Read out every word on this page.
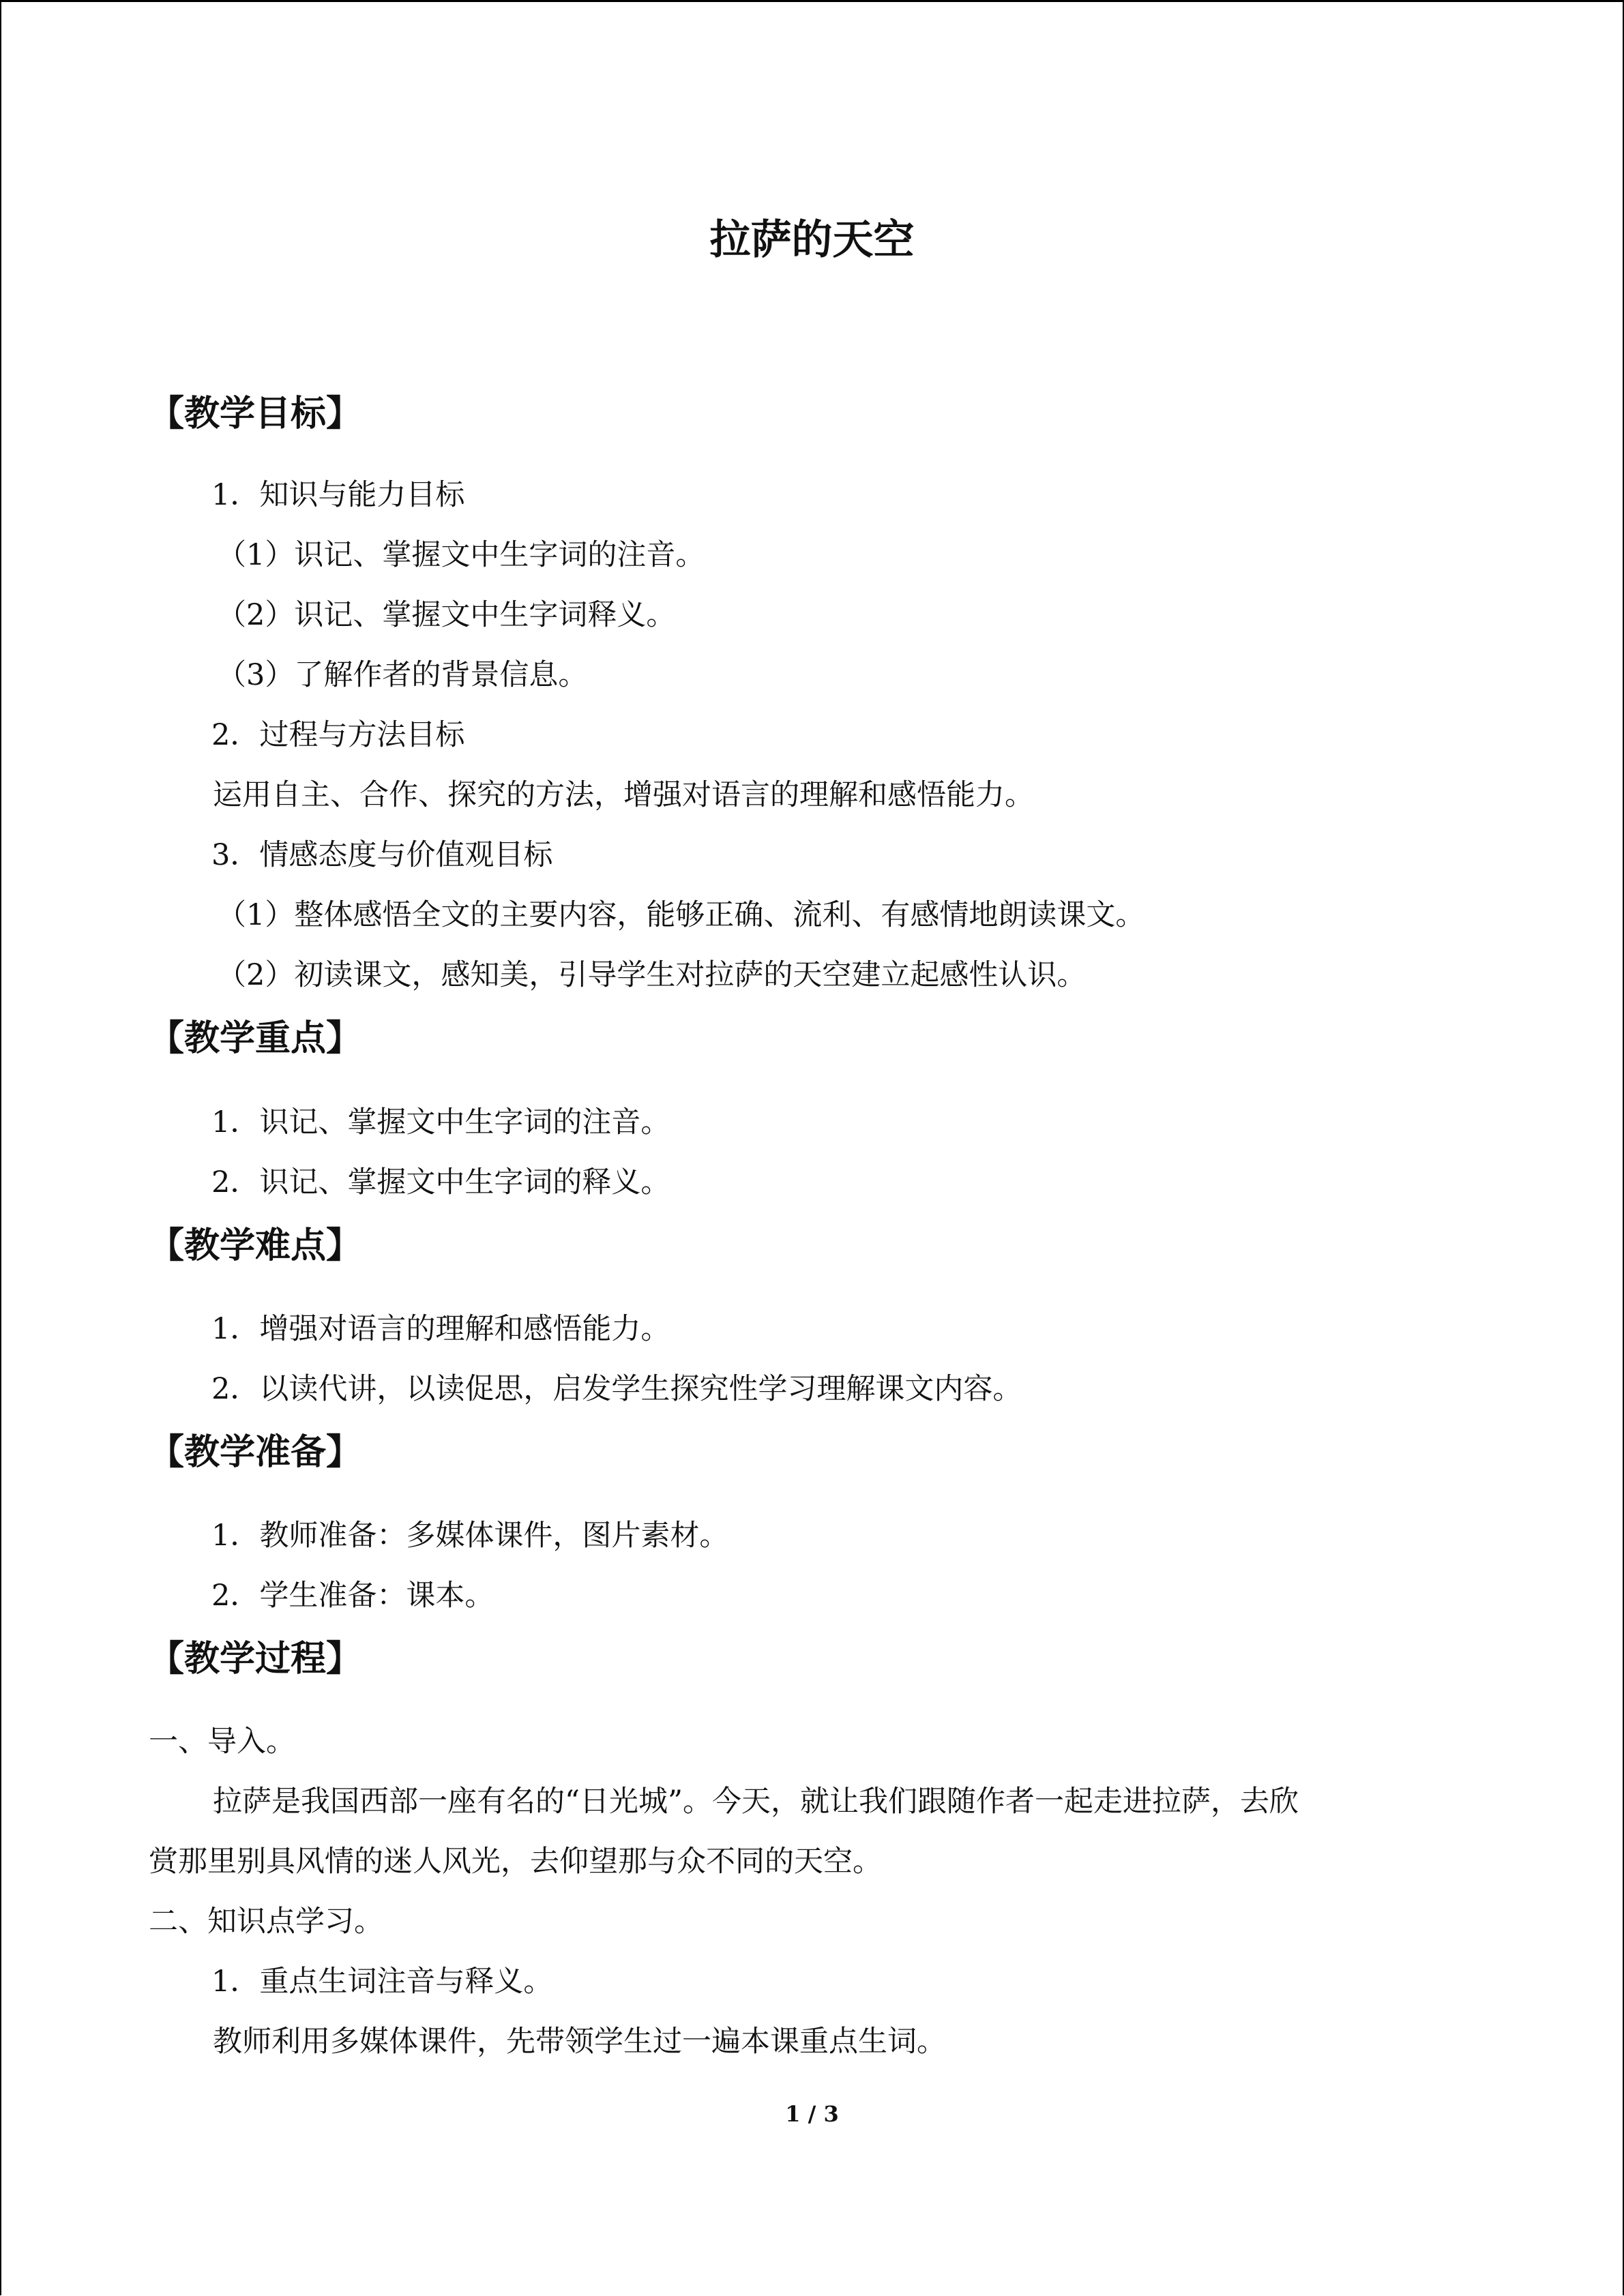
拉萨的天空
【教学目标】
1．知识与能力目标
（1）识记、掌握文中生字词的注音。
（2）识记、掌握文中生字词释义。
（3）了解作者的背景信息。
2．过程与方法目标
运用自主、合作、探究的方法，增强对语言的理解和感悟能力。
3．情感态度与价值观目标
（1）整体感悟全文的主要内容，能够正确、流利、有感情地朗读课文。
（2）初读课文，感知美，引导学生对拉萨的天空建立起感性认识。
【教学重点】
1．识记、掌握文中生字词的注音。
2．识记、掌握文中生字词的释义。
【教学难点】
1．增强对语言的理解和感悟能力。
2．以读代讲，以读促思，启发学生探究性学习理解课文内容。
【教学准备】
1．教师准备：多媒体课件，图片素材。
2．学生准备：课本。
【教学过程】
一、导入。
拉萨是我国西部一座有名的“日光城”。今天，就让我们跟随作者一起走进拉萨，去欣
赏那里别具风情的迷人风光，去仰望那与众不同的天空。
二、知识点学习。
1．重点生词注音与释义。
教师利用多媒体课件，先带领学生过一遍本课重点生词。
1 / 3
